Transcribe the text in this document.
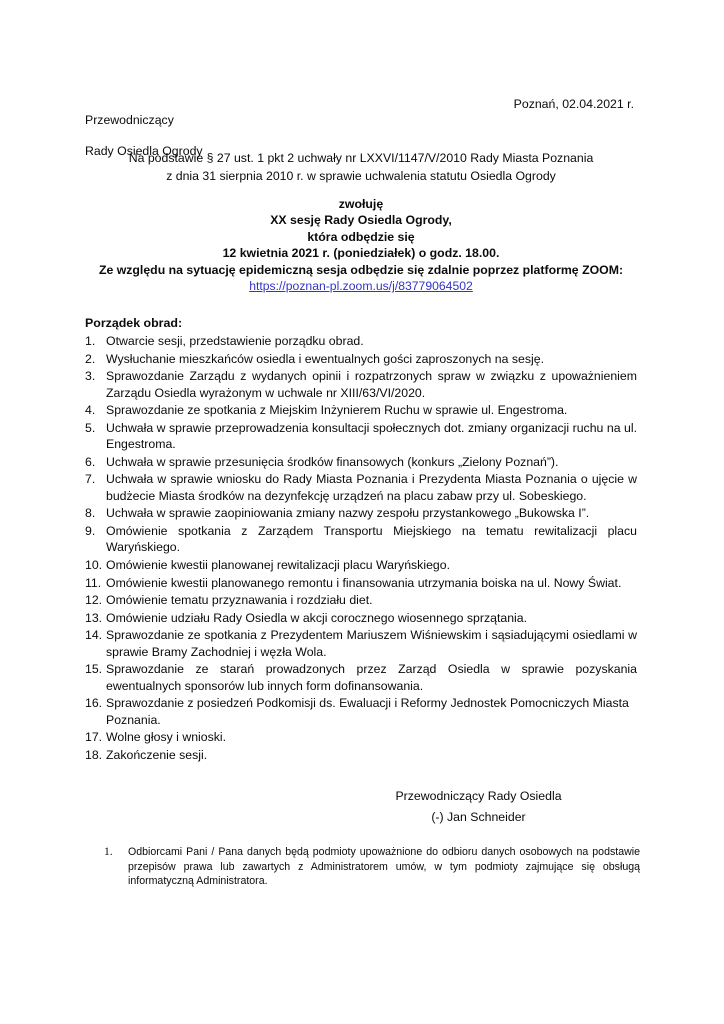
Przewodniczący

Rady Osiedla Ogrody

Poznań, 02.04.2021 r.
Na podstawie § 27 ust. 1 pkt 2 uchwały nr LXXVI/1147/V/2010 Rady Miasta Poznania
z dnia 31 sierpnia 2010 r. w sprawie uchwalenia statutu Osiedla Ogrody
zwołuję
XX sesję Rady Osiedla Ogrody,
która odbędzie się
12 kwietnia 2021 r. (poniedziałek) o godz. 18.00.
Ze względu na sytuację epidemiczną sesja odbędzie się zdalnie poprzez platformę ZOOM:
https://poznan-pl.zoom.us/j/83779064502
Porządek obrad:
1. Otwarcie sesji, przedstawienie porządku obrad.
2. Wysłuchanie mieszkańców osiedla i ewentualnych gości zaproszonych na sesję.
3. Sprawozdanie Zarządu z wydanych opinii i rozpatrzonych spraw w związku z upoważnieniem Zarządu Osiedla wyrażonym w uchwale nr XIII/63/VI/2020.
4. Sprawozdanie ze spotkania z Miejskim Inżynierem Ruchu w sprawie ul. Engestroma.
5. Uchwała w sprawie przeprowadzenia konsultacji społecznych dot. zmiany organizacji ruchu na ul. Engestroma.
6. Uchwała w sprawie przesunięcia środków finansowych (konkurs „Zielony Poznań”).
7. Uchwała w sprawie wniosku do Rady Miasta Poznania i Prezydenta Miasta Poznania o ujęcie w budżecie Miasta środków na dezynfekcję urządzeń na placu zabaw przy ul. Sobeskiego.
8. Uchwała w sprawie zaopiniowania zmiany nazwy zespołu przystankowego „Bukowska I”.
9. Omówienie spotkania z Zarządem Transportu Miejskiego na tematu rewitalizacji placu Waryńskiego.
10. Omówienie kwestii planowanej rewitalizacji placu Waryńskiego.
11. Omówienie kwestii planowanego remontu i finansowania utrzymania boiska na ul. Nowy Świat.
12. Omówienie tematu przyznawania i rozdziału diet.
13. Omówienie udziału Rady Osiedla w akcji corocznego wiosennego sprzątania.
14. Sprawozdanie ze spotkania z Prezydentem Mariuszem Wiśniewskim i sąsiadującymi osiedlami w sprawie Bramy Zachodniej i węzła Wola.
15. Sprawozdanie ze starań prowadzonych przez Zarząd Osiedla w sprawie pozyskania ewentualnych sponsorów lub innych form dofinansowania.
16. Sprawozdanie z posiedzeń Podkomisji ds. Ewaluacji i Reformy Jednostek Pomocniczych Miasta Poznania.
17. Wolne głosy i wnioski.
18. Zakończenie sesji.
Przewodniczący Rady Osiedla
(-) Jan Schneider
1.	Odbiorcami Pani / Pana danych będą podmioty upoważnione do odbioru danych osobowych na podstawie przepisów prawa lub zawartych z Administratorem umów, w tym podmioty zajmujące się obsługą informatyczną Administratora.
